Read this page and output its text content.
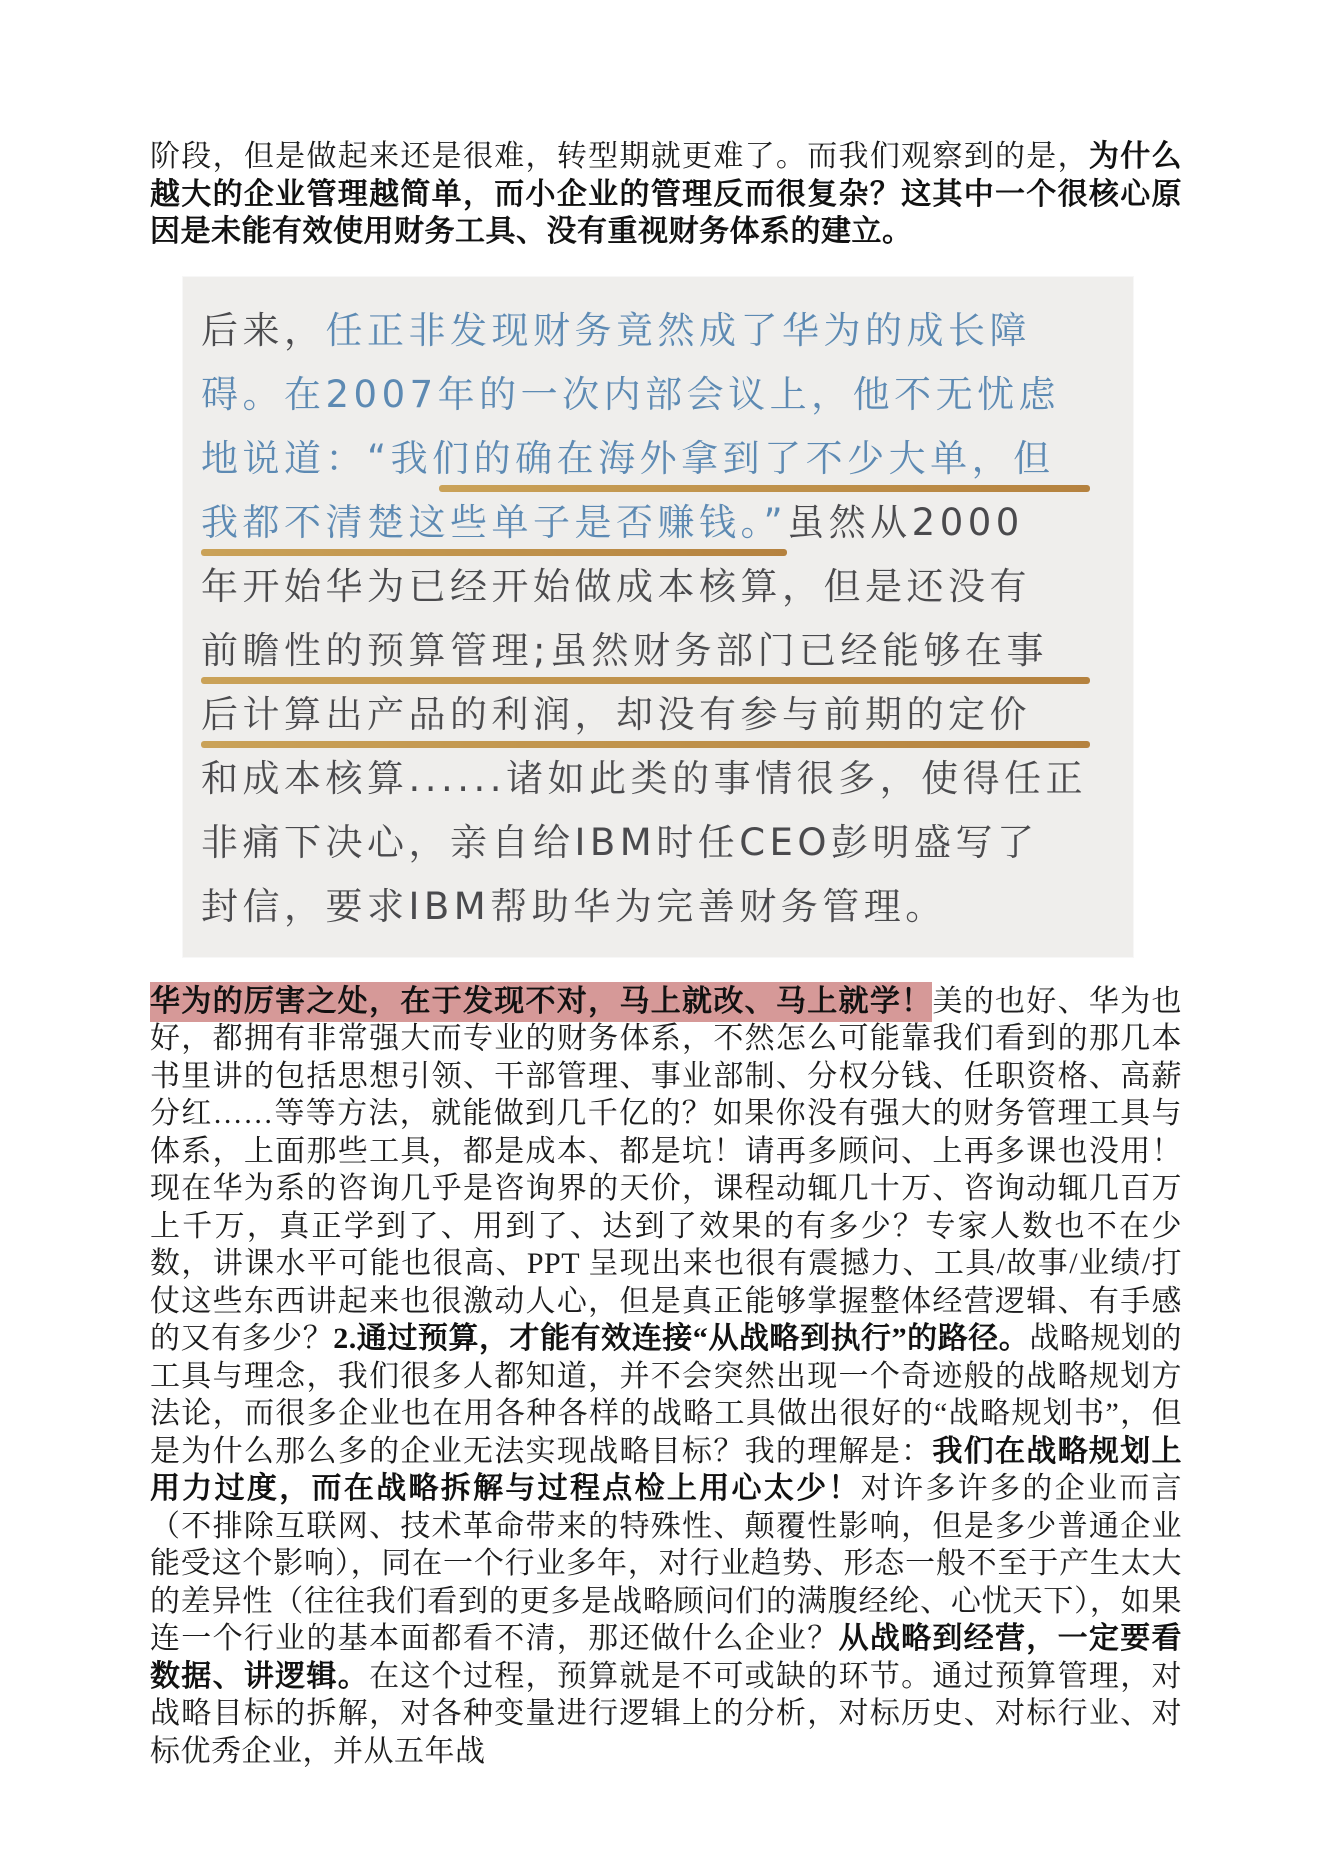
阶段，但是做起来还是很难，转型期就更难了。而我们观察到的是，为什么越大的企业管理越简单，而小企业的管理反而很复杂？这其中一个很核心原因是未能有效使用财务工具、没有重视财务体系的建立。

后来，任正非发现财务竟然成了华为的成长障
碍。在2007年的一次内部会议上，他不无忧虑
地说道：“我们的确在海外拿到了不少大单，但
我都不清楚这些单子是否赚钱。”虽然从2000
年开始华为已经开始做成本核算，但是还没有
前瞻性的预算管理;虽然财务部门已经能够在事
后计算出产品的利润，却没有参与前期的定价
和成本核算......诸如此类的事情很多，使得任正
非痛下决心，亲自给IBM时任CEO彭明盛写了
封信，要求IBM帮助华为完善财务管理。

华为的厉害之处，在于发现不对，马上就改、马上就学！美的也好、华为也好，都拥有非常强大而专业的财务体系，不然怎么可能靠我们看到的那几本书里讲的包括思想引领、干部管理、事业部制、分权分钱、任职资格、高薪分红……等等方法，就能做到几千亿的？如果你没有强大的财务管理工具与体系，上面那些工具，都是成本、都是坑！请再多顾问、上再多课也没用！现在华为系的咨询几乎是咨询界的天价，课程动辄几十万、咨询动辄几百万上千万，真正学到了、用到了、达到了效果的有多少？专家人数也不在少数，讲课水平可能也很高、PPT 呈现出来也很有震撼力、工具/故事/业绩/打仗这些东西讲起来也很激动人心，但是真正能够掌握整体经营逻辑、有手感的又有多少？2.通过预算，才能有效连接“从战略到执行”的路径。战略规划的工具与理念，我们很多人都知道，并不会突然出现一个奇迹般的战略规划方法论，而很多企业也在用各种各样的战略工具做出很好的“战略规划书”，但是为什么那么多的企业无法实现战略目标？我的理解是：我们在战略规划上用力过度，而在战略拆解与过程点检上用心太少！对许多许多的企业而言（不排除互联网、技术革命带来的特殊性、颠覆性影响，但是多少普通企业能受这个影响），同在一个行业多年，对行业趋势、形态一般不至于产生太大的差异性（往往我们看到的更多是战略顾问们的满腹经纶、心忧天下），如果连一个行业的基本面都看不清，那还做什么企业？从战略到经营，一定要看数据、讲逻辑。在这个过程，预算就是不可或缺的环节。通过预算管理，对战略目标的拆解，对各种变量进行逻辑上的分析，对标历史、对标行业、对标优秀企业，并从五年战
